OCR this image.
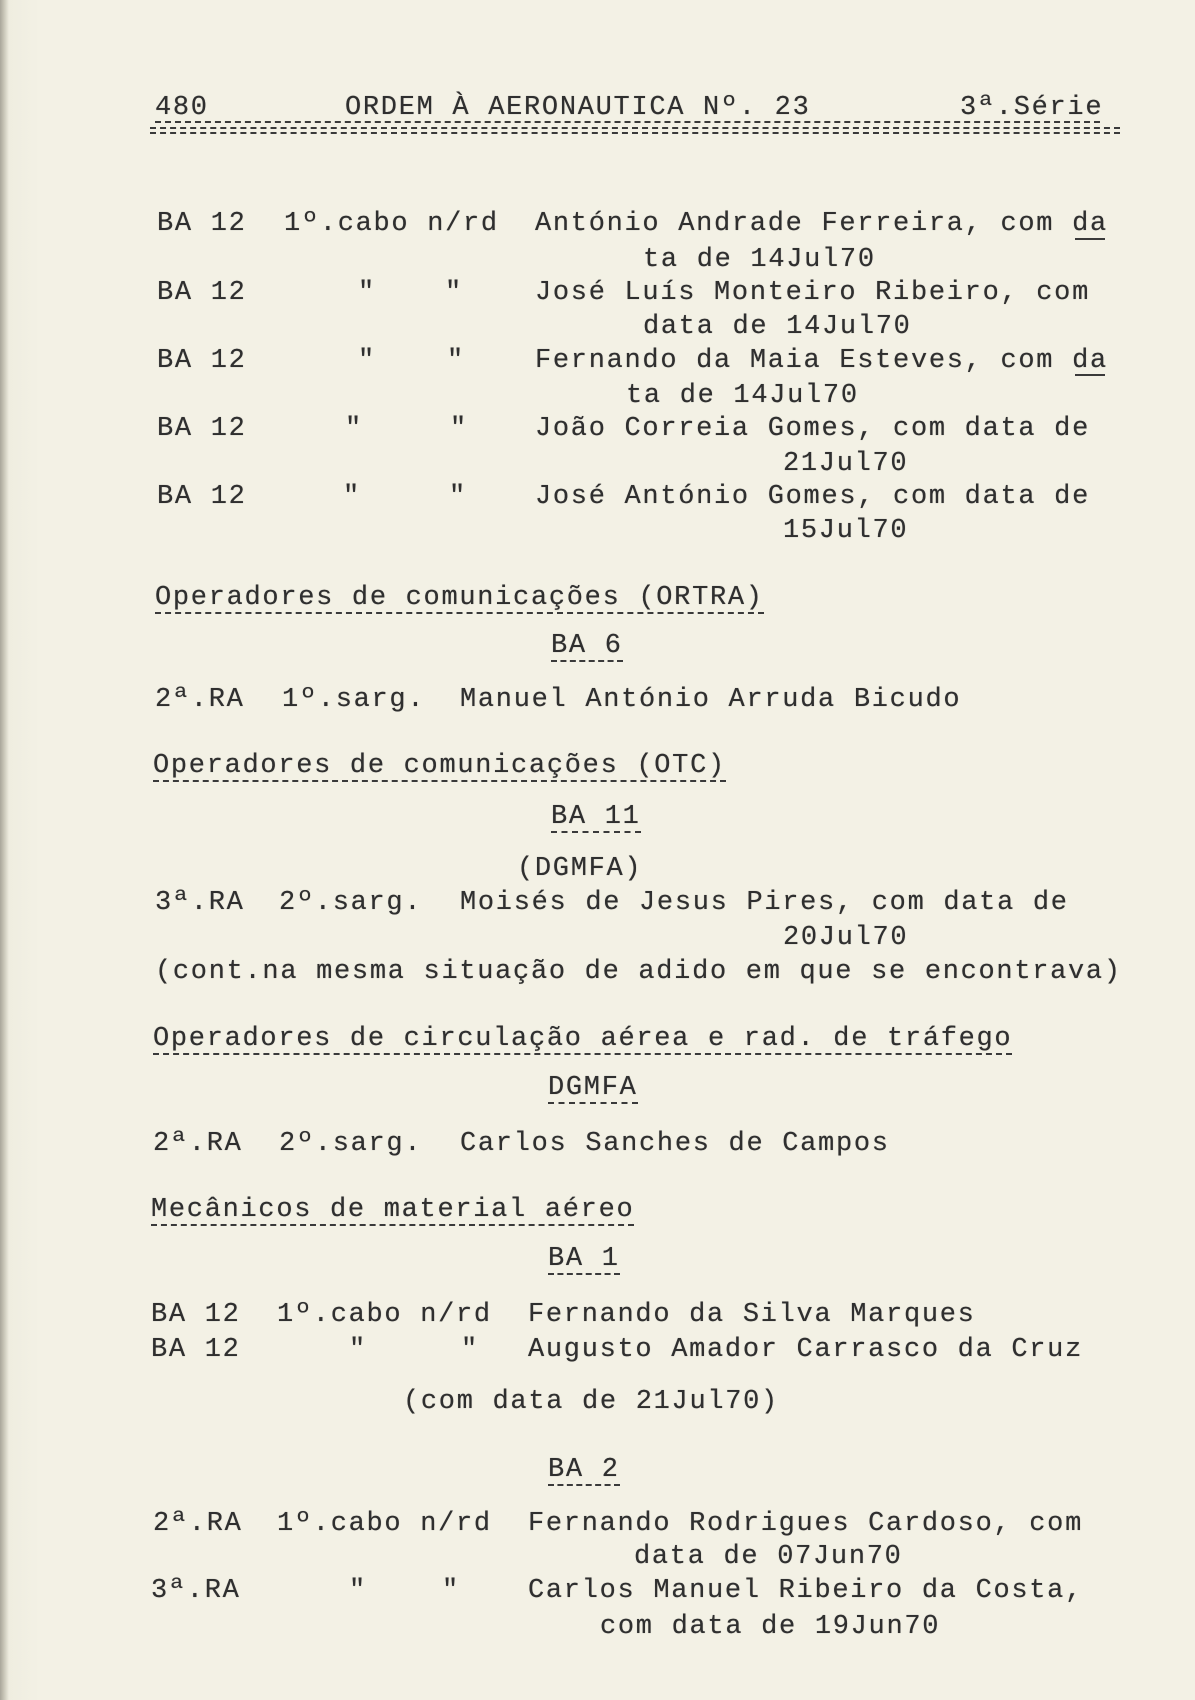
480	ORDEM À AERONAUTICA Nº. 23	3ª.Série
BA 12 1º.cabo n/rd António Andrade Ferreira, com da
ta de 14Jul70
BA 12	"	"	José Luís Monteiro Ribeiro, com
data de 14Jul70
BA 12	"	"	Fernando da Maia Esteves, com da
ta de 14Jul70
BA 12	"	" João Correia Gomes, com data de
21Jul70
BA 12	"	"	José António Gomes, com data de
15Jul70
Operadores de comunicações (ORTRA)
BA 6
2ª.RA 1º.sarg. Manuel António Arruda Bicudo
Operadores de comunicações (OTC)
BA 11
(DGMFA)
3ª.RA 2º.sarg. Moisés de Jesus Pires, com data de
20Jul70
(cont.na mesma situação de adido em que se encontrava)
Operadores de circulação aérea e rad. de tráfego
DGMFA
2ª.RA 2º.sarg. Carlos Sanches de Campos
Mecânicos de material aéreo
BA 1
BA 12 1º.cabo n/rd Fernando da Silva Marques
BA 12	"	" Augusto Amador Carrasco da Cruz
(com data de 21Jul70)
BA 2
2ª.RA 1º.cabo n/rd Fernando Rodrigues Cardoso, com
data de 07Jun70
3ª.RA	"	"	Carlos Manuel Ribeiro da Costa,
com data de 19Jun70
